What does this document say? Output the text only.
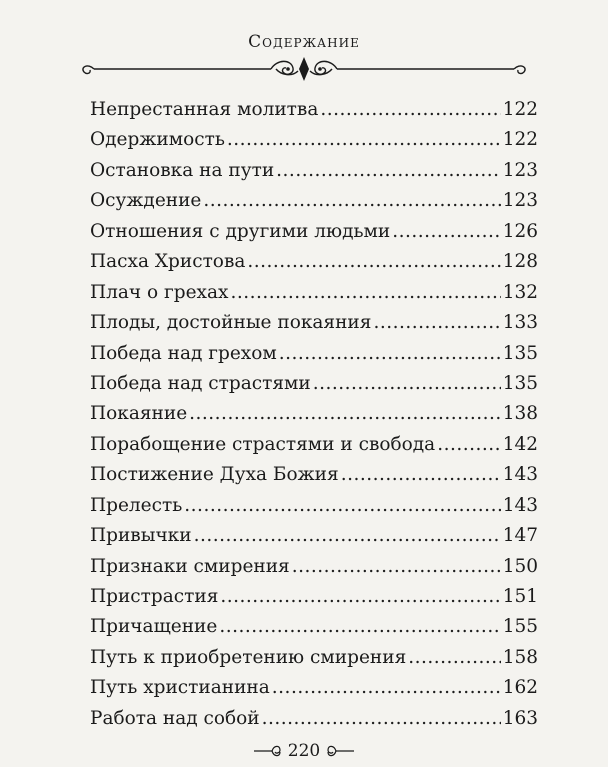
Содержание
Непрестанная молитва .....	122
Одержимость .....	122
Остановка на пути .....	123
Осуждение .....	123
Отношения с другими людьми .....	126
Пасха Христова .....	128
Плач о грехах .....	132
Плоды, достойные покаяния .....	133
Победа над грехом .....	135
Победа над страстями .....	135
Покаяние .....	138
Порабощение страстями и свобода .....	142
Постижение Духа Божия .....	143
Прелесть .....	143
Привычки .....	147
Признаки смирения .....	150
Пристрастия .....	151
Причащение .....	155
Путь к приобретению смирения .....	158
Путь христианина .....	162
Работа над собой .....	163
220
